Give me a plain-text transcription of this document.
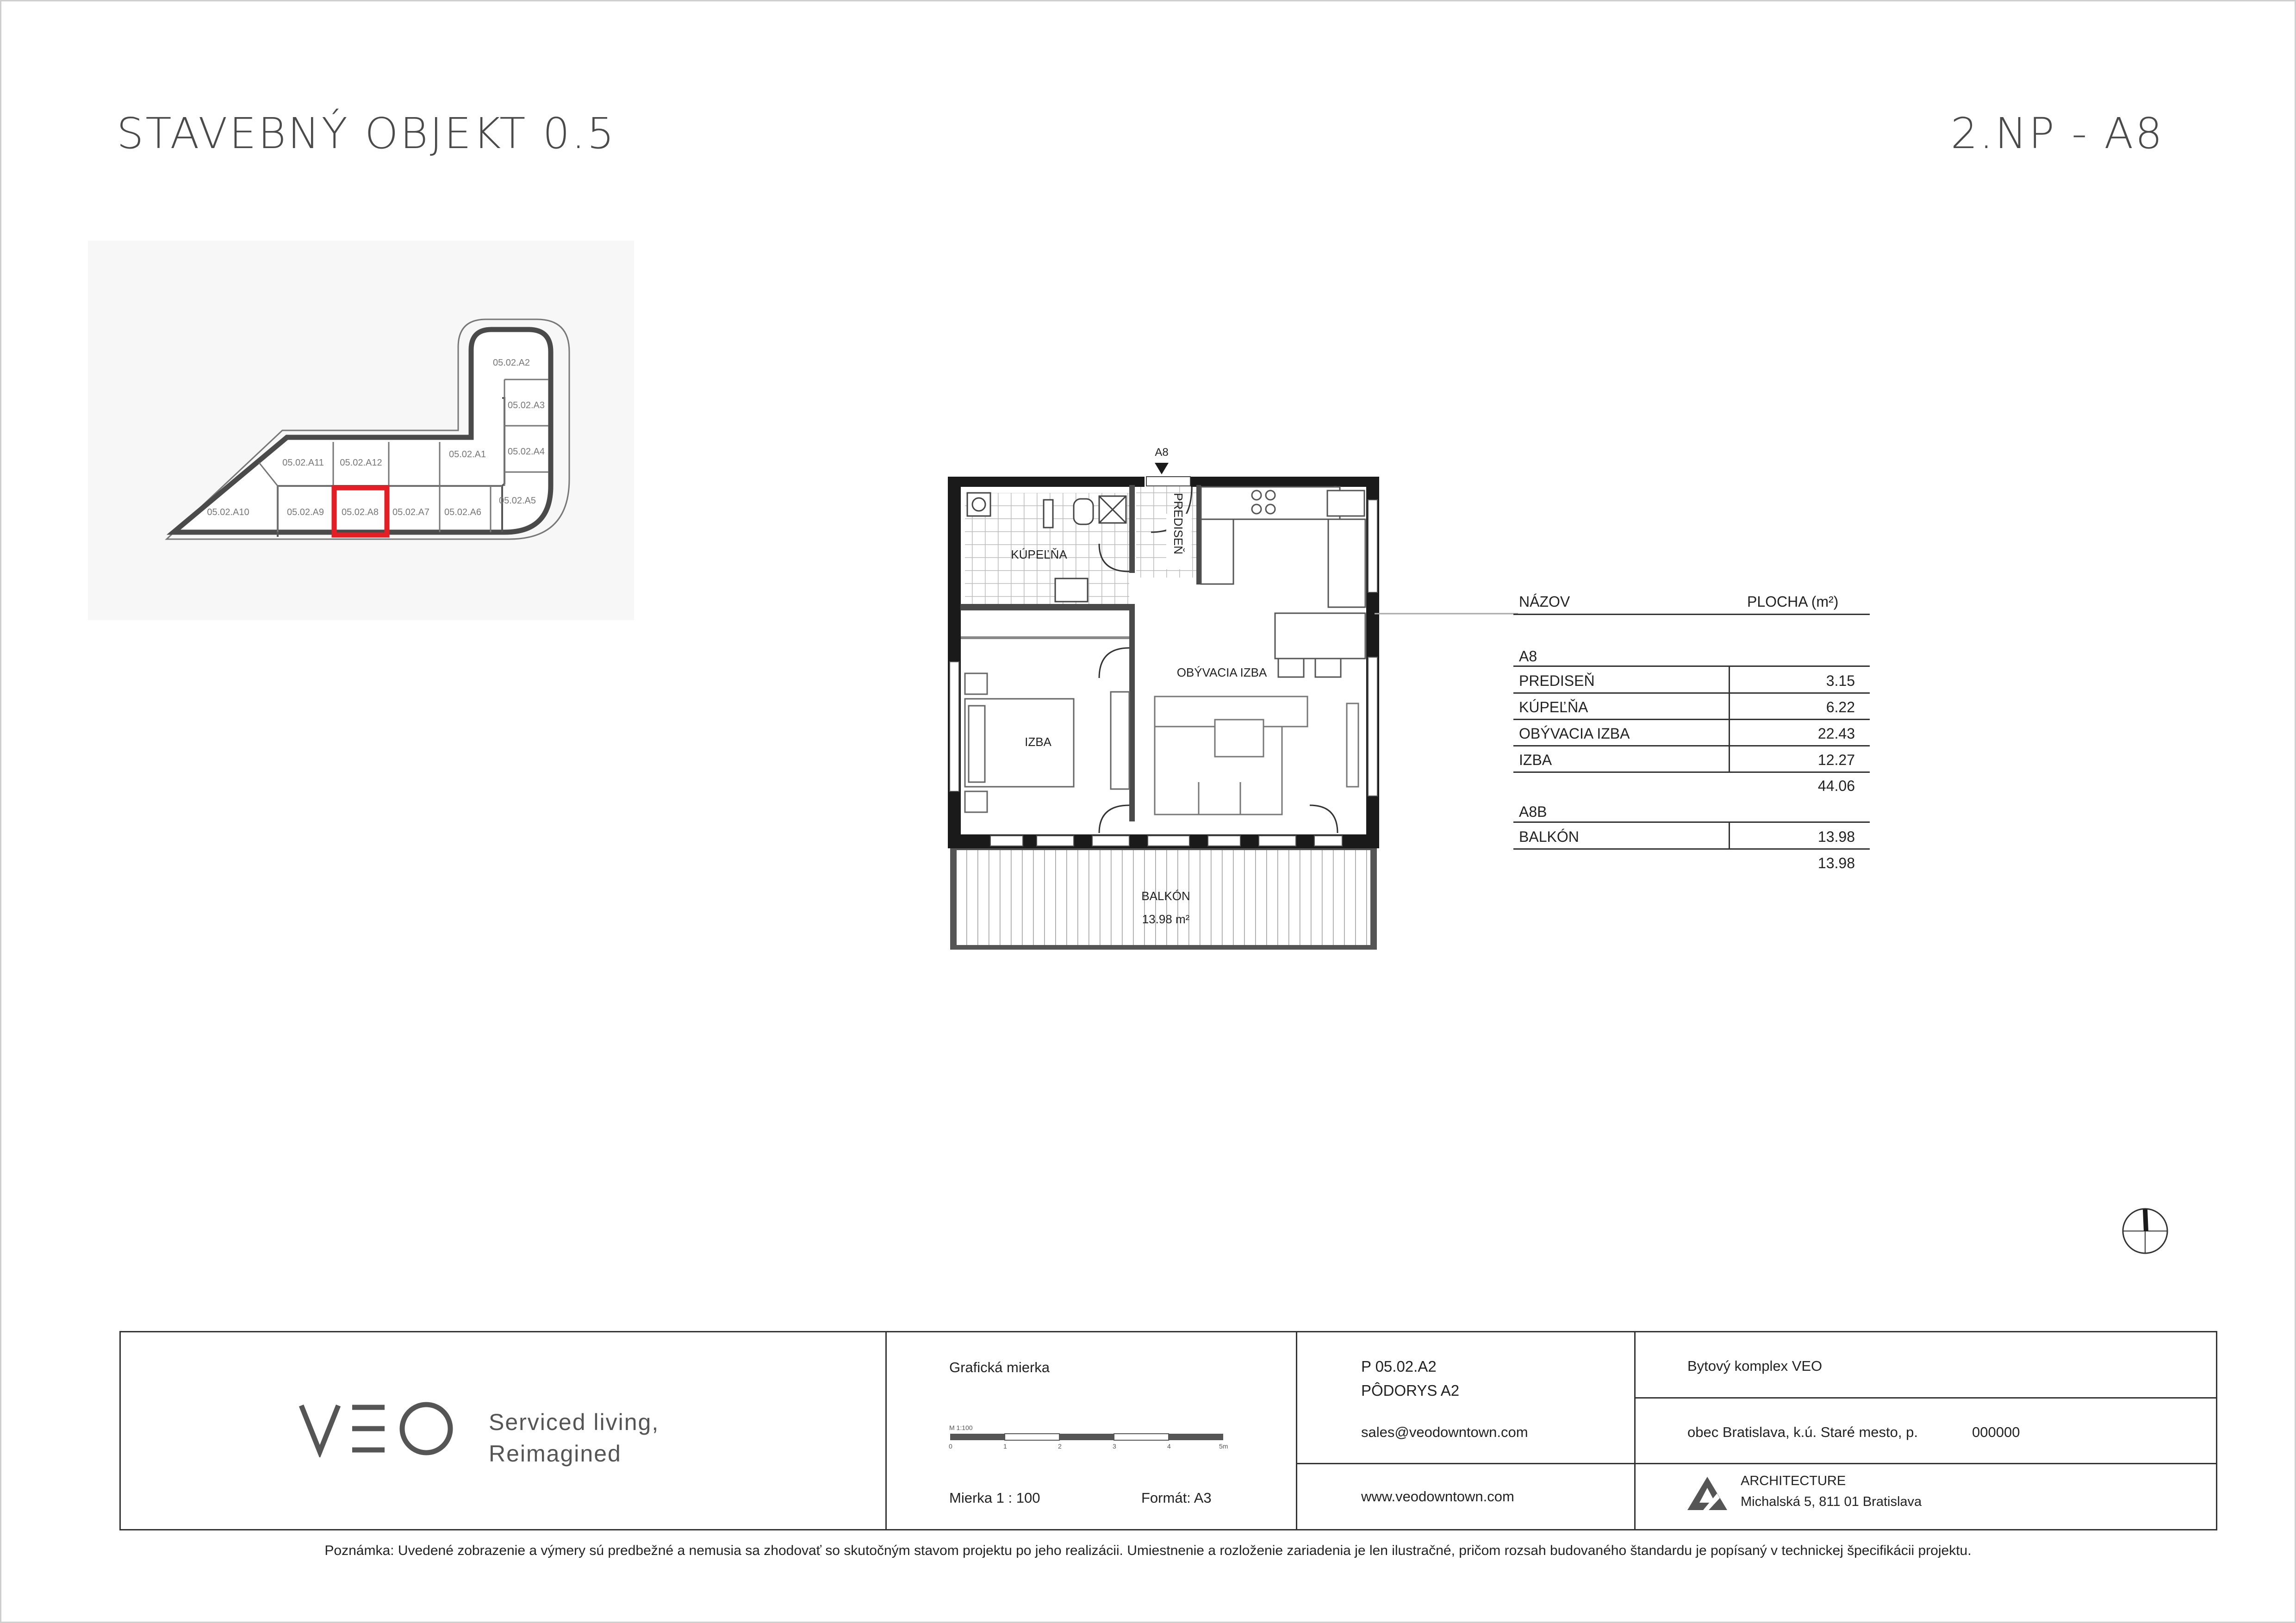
STAVEBNÝ OBJEKT 0.5	2.NP - A8
05.02.A2
05.02.A3
05.02.A4
05.02.A1
05.02.A11 05.02.A12
05.02.A10	05.02.A9 05.02.A8 05.02.A7 05.02.A6
05.02.A5
A8
KÚPEĽŇA
OBÝVACIA IZBA
IZBA
BALKÓN
13.98 m²
PREDISEŇ
NÁZOV	PLOCHA (m²)
A8
PREDISEŇ	3.15
KÚPEĽŇA	6.22
OBÝVACIA IZBA	22.43
IZBA	12.27
44.06
A8B
BALKÓN	13.98
13.98
Serviced living,
Reimagined
Grafická mierka
M 1:100
0	1	2	3	4	5m
Mierka 1 : 100	Formát: A3
P 05.02.A2
PÔDORYS A2
sales@veodowntown.com
www.veodowntown.com
Bytový komplex VEO
obec Bratislava, k.ú. Staré mesto, p.	000000
ARCHITECTURE
Michalská 5, 811 01 Bratislava
Poznámka: Uvedené zobrazenie a výmery sú predbežné a nemusia sa zhodovať so skutočným stavom projektu po jeho realizácii. Umiestnenie a rozloženie zariadenia je len ilustračné, pričom rozsah budovaného štandardu je popísaný v technickej špecifikácii projektu.
